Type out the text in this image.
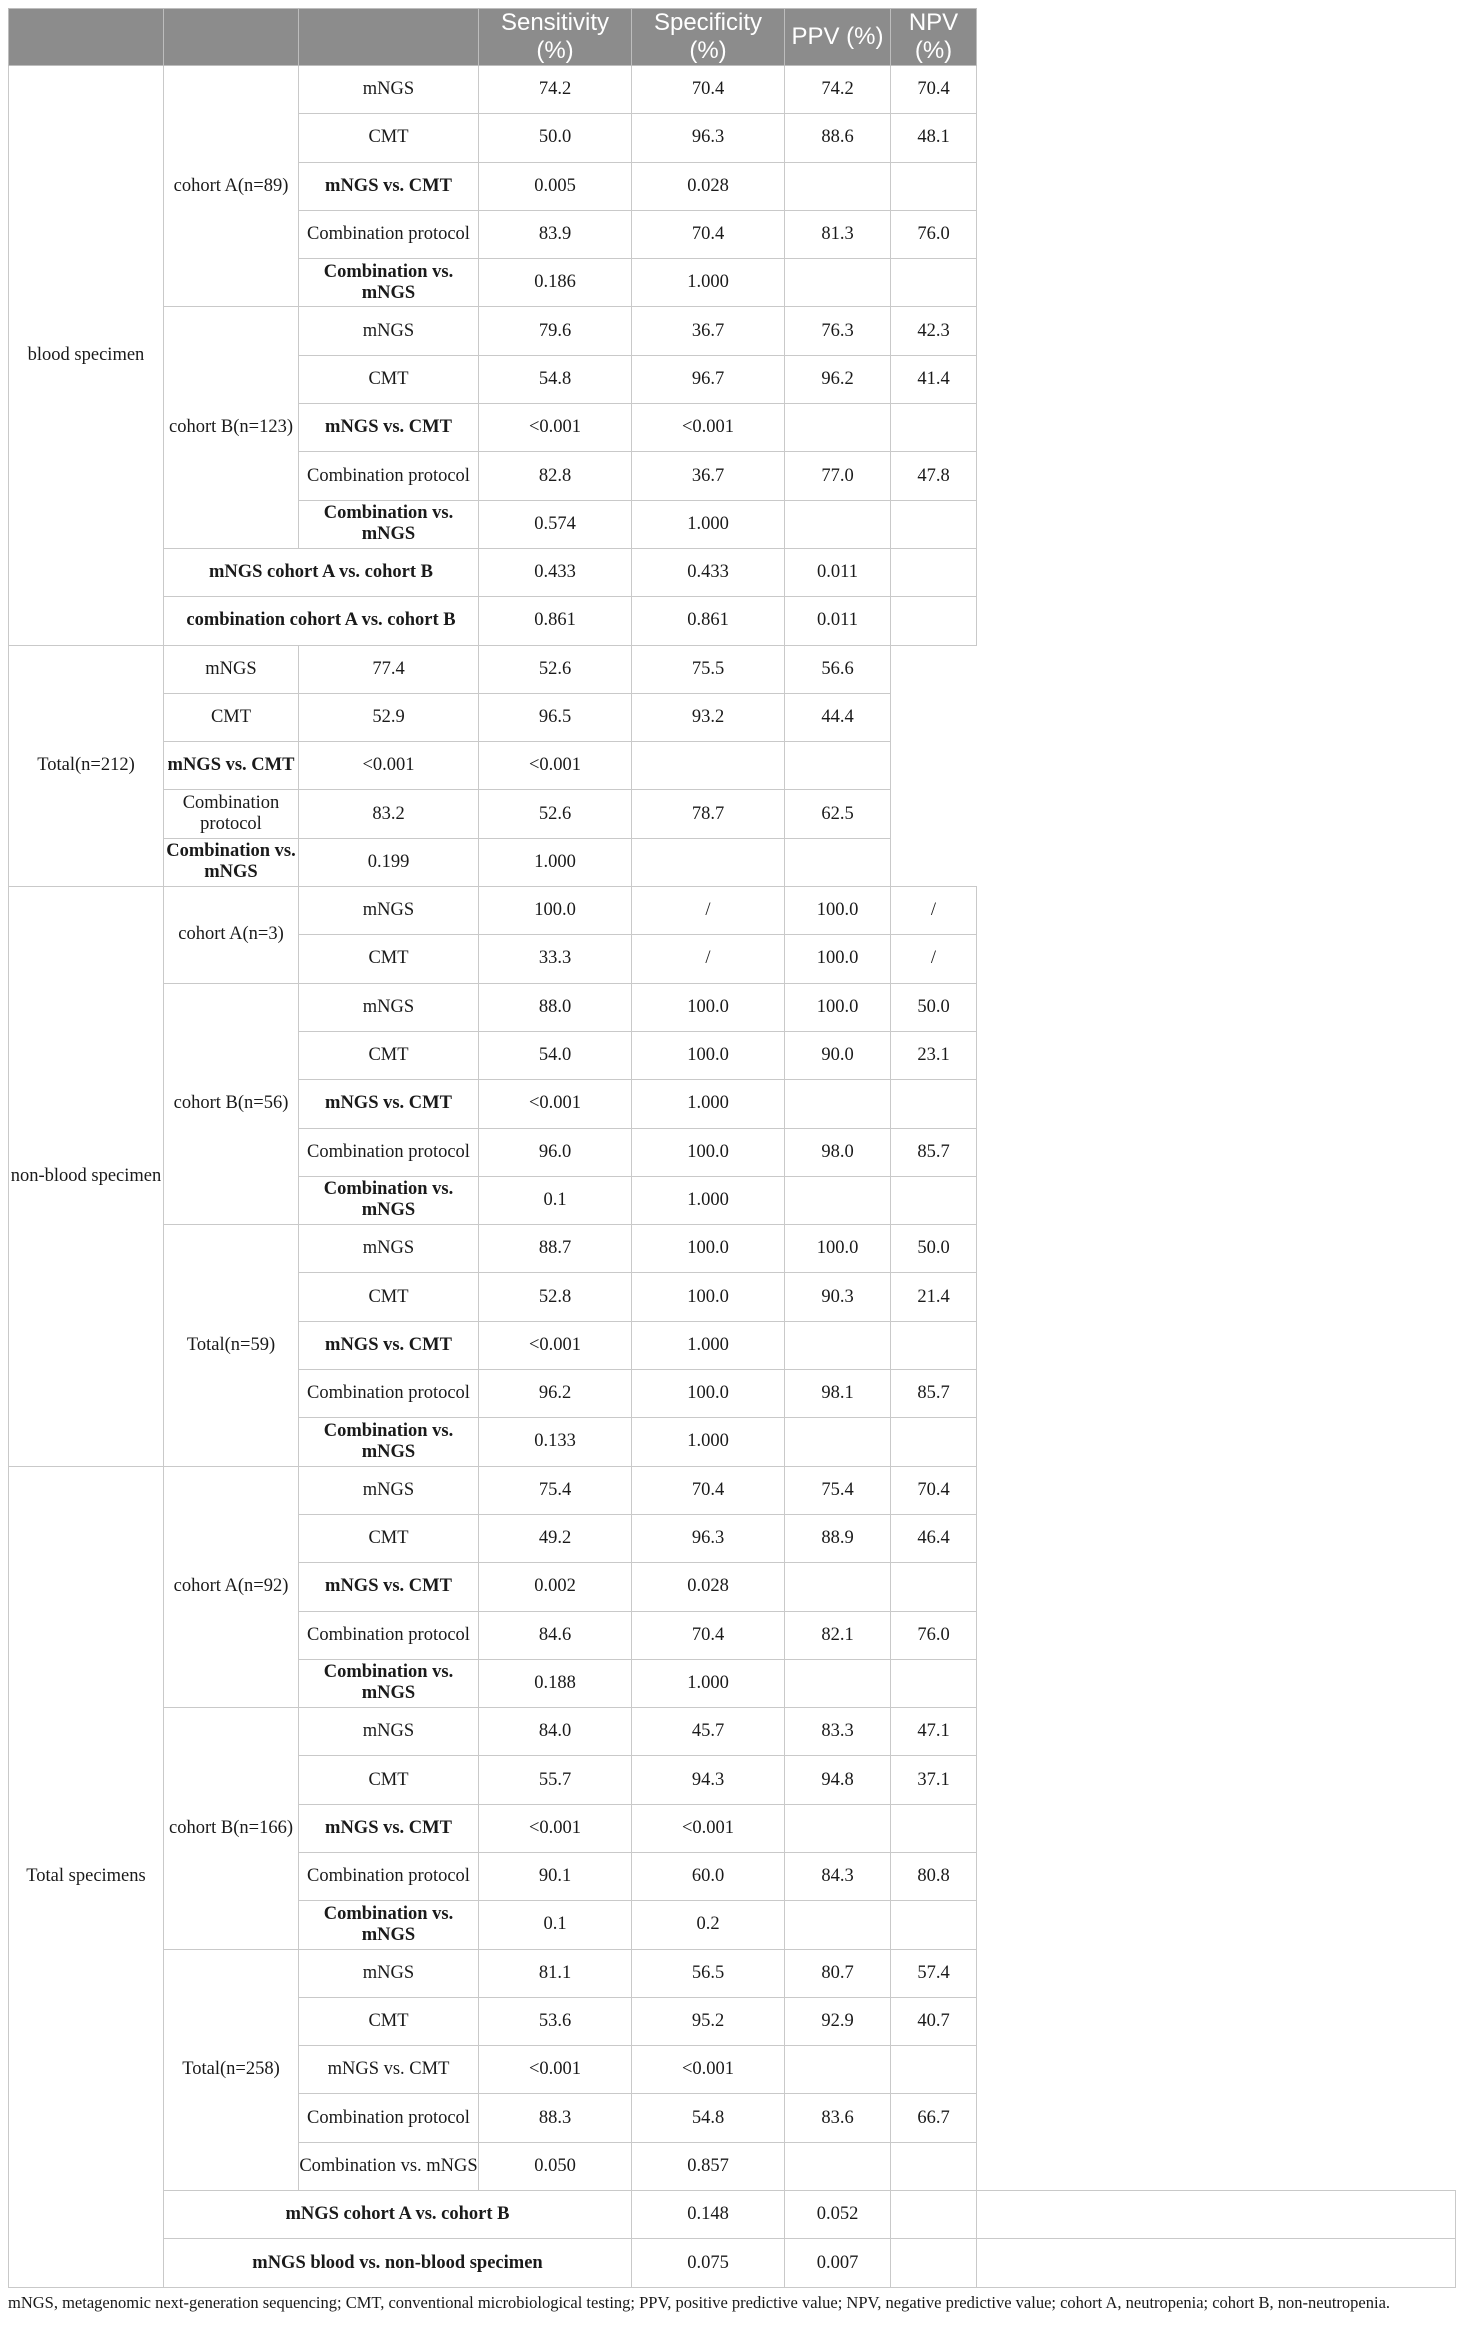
			Sensitivity (%)	Specificity (%)	PPV (%)	NPV (%)	
blood specimen	cohort A(n=89)	mNGS	74.2	70.4	74.2	70.4	
		CMT	50.0	96.3	88.6	48.1	
		mNGS vs. CMT	0.005	0.028			
		Combination protocol	83.9	70.4	81.3	76.0	
		Combination vs. mNGS	0.186	1.000			
	cohort B(n=123)	mNGS	79.6	36.7	76.3	42.3	
		CMT	54.8	96.7	96.2	41.4	
		mNGS vs. CMT	<0.001	<0.001			
		Combination protocol	82.8	36.7	77.0	47.8	
		Combination vs. mNGS	0.574	1.000			
	mNGS cohort A vs. cohort B		0.433	0.433	0.011		
	combination cohort A vs. cohort B		0.861	0.861	0.011		
Total(n=212)	mNGS	77.4	52.6	75.5	56.6		
	CMT	52.9	96.5	93.2	44.4		
	mNGS vs. CMT	<0.001	<0.001				
	Combination protocol	83.2	52.6	78.7	62.5		
	Combination vs. mNGS	0.199	1.000				
non-blood specimen	cohort A(n=3)	mNGS	100.0	/	100.0	/	
		CMT	33.3	/	100.0	/	
	cohort B(n=56)	mNGS	88.0	100.0	100.0	50.0	
		CMT	54.0	100.0	90.0	23.1	
		mNGS vs. CMT	<0.001	1.000			
		Combination protocol	96.0	100.0	98.0	85.7	
		Combination vs. mNGS	0.1	1.000			
	Total(n=59)	mNGS	88.7	100.0	100.0	50.0	
		CMT	52.8	100.0	90.3	21.4	
		mNGS vs. CMT	<0.001	1.000			
		Combination protocol	96.2	100.0	98.1	85.7	
		Combination vs. mNGS	0.133	1.000			
Total specimens	cohort A(n=92)	mNGS	75.4	70.4	75.4	70.4	
		CMT	49.2	96.3	88.9	46.4	
		mNGS vs. CMT	0.002	0.028			
		Combination protocol	84.6	70.4	82.1	76.0	
		Combination vs. mNGS	0.188	1.000			
	cohort B(n=166)	mNGS	84.0	45.7	83.3	47.1	
		CMT	55.7	94.3	94.8	37.1	
		mNGS vs. CMT	<0.001	<0.001			
		Combination protocol	90.1	60.0	84.3	80.8	
		Combination vs. mNGS	0.1	0.2			
	Total(n=258)	mNGS	81.1	56.5	80.7	57.4	
		CMT	53.6	95.2	92.9	40.7	
		mNGS vs. CMT	<0.001	<0.001			
		Combination protocol	88.3	54.8	83.6	66.7	
		Combination vs. mNGS	0.050	0.857			
	mNGS cohort A vs. cohort B			0.148	0.052		
	mNGS blood vs. non-blood specimen			0.075	0.007		
mNGS, metagenomic next-generation sequencing; CMT, conventional microbiological testing; PPV, positive predictive value; NPV, negative predictive value; cohort A, neutropenia; cohort B, non-neutropenia.
